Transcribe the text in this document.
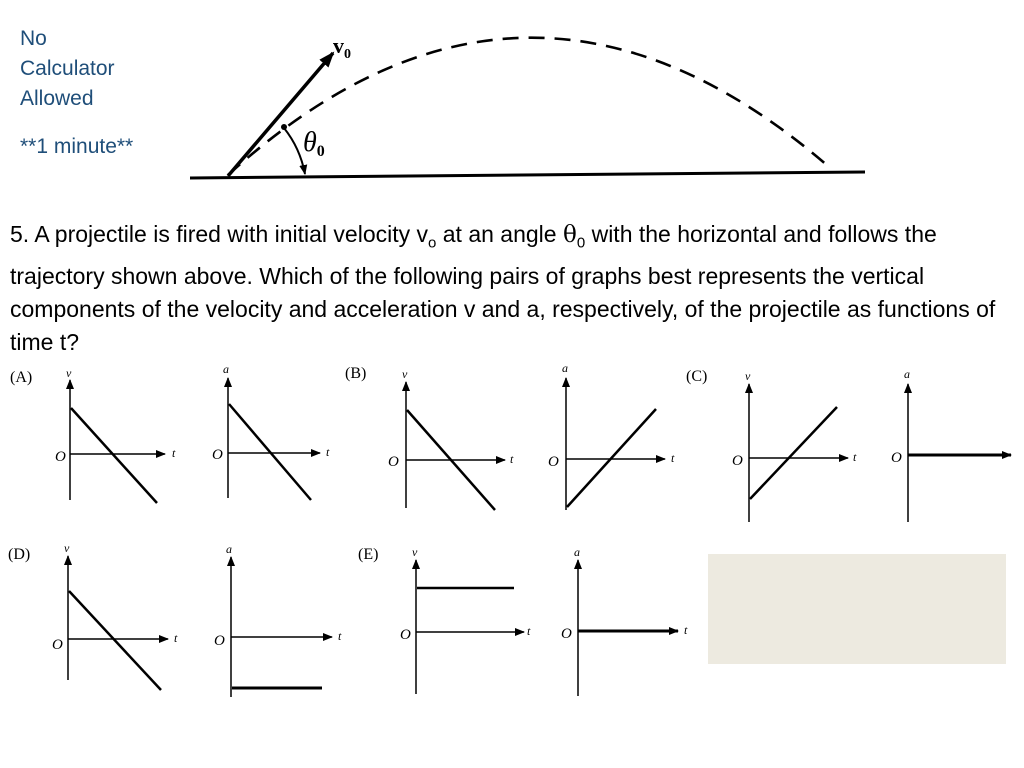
No
Calculator
Allowed
**1 minute**
$v_0$
θ0
(A)	v
t
O
a
t
O
(B)	v
t
O
a
t
O
(C)	v
t
O
a
O
(D)	v
t
O
a
t
O
(E)	v
t
O
a
t
O
5. A projectile is fired with initial velocity $v_o$ at an angle $\theta_0$ with the horizontal and follows the trajectory shown above. Which of the following pairs of graphs best represents the vertical components of the velocity and acceleration v and a, respectively, of the projectile as functions of time t?
